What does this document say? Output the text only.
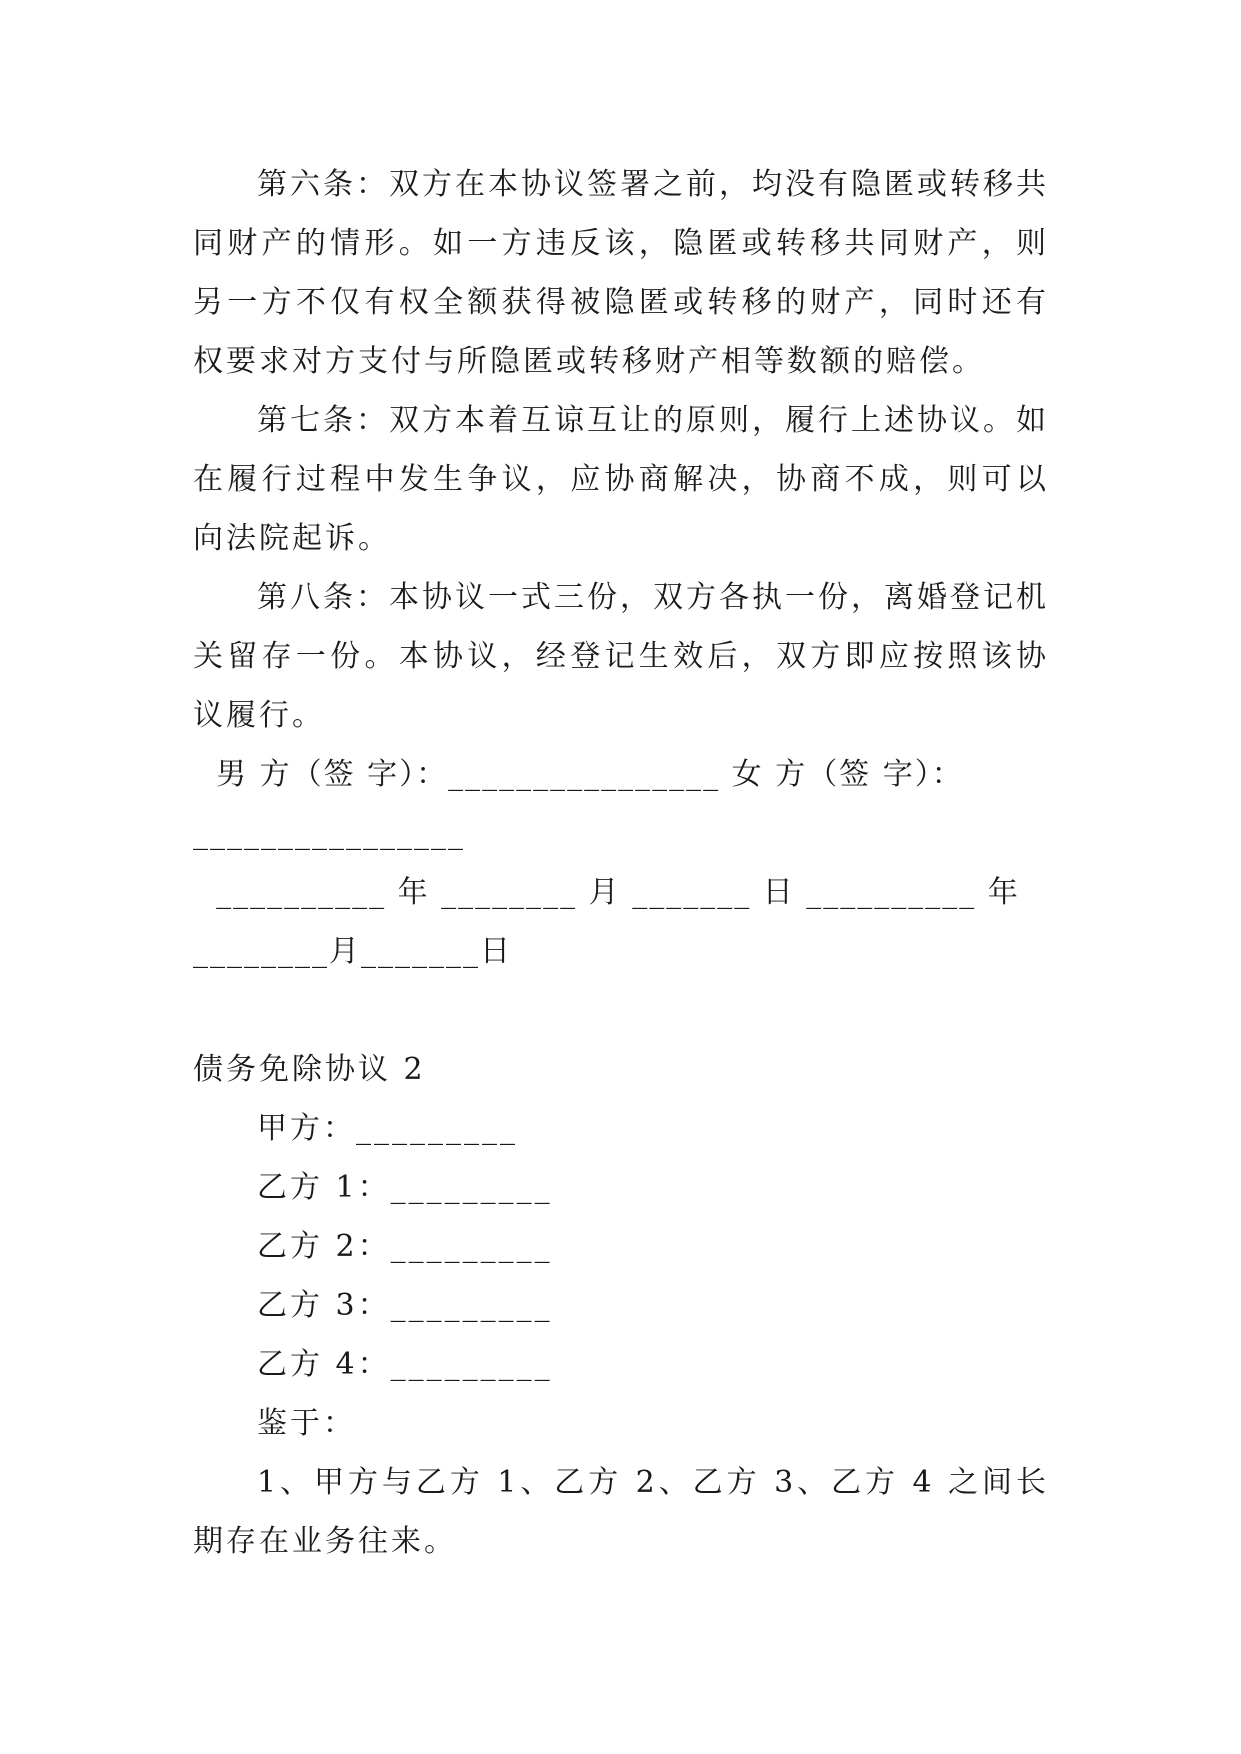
第六条：双方在本协议签署之前，均没有隐匿或转移共同财产的情形。如一方违反该，隐匿或转移共同财产，则另一方不仅有权全额获得被隐匿或转移的财产，同时还有权要求对方支付与所隐匿或转移财产相等数额的赔偿。

第七条：双方本着互谅互让的原则，履行上述协议。如在履行过程中发生争议，应协商解决，协商不成，则可以向法院起诉。

第八条：本协议一式三份，双方各执一份，离婚登记机关留存一份。本协议，经登记生效后，双方即应按照该协议履行。

男 方（签 字）：________________ 女 方（签 字）：

________________

__________ 年 ________ 月 _______ 日 __________ 年

________月_______日

债务免除协议 2

甲方：_________

乙方 1：_________

乙方 2：_________

乙方 3：_________

乙方 4：_________

鉴于：

1、甲方与乙方 1、乙方 2、乙方 3、乙方 4 之间长期存在业务往来。
